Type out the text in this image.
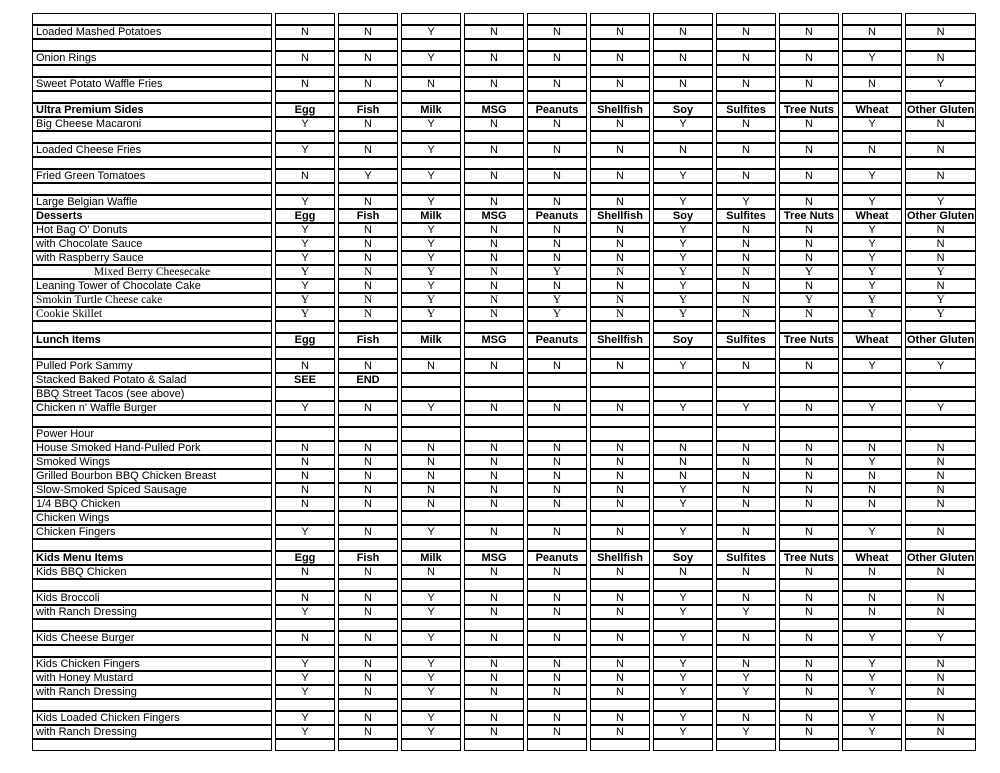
Loaded Mashed Potatoes	N	N	Y	N	N	N	N	N	N	N	N

Onion Rings	N	N	Y	N	N	N	N	N	N	Y	N

Sweet Potato Waffle Fries	N	N	N	N	N	N	N	N	N	N	Y

Ultra Premium Sides	Egg	Fish	Milk	MSG	Peanuts	Shellfish	Soy	Sulfites	Tree Nuts	Wheat	Other Gluten
Big Cheese Macaroni	Y	N	Y	N	N	N	Y	N	N	Y	N

Loaded Cheese Fries	Y	N	Y	N	N	N	N	N	N	N	N

Fried Green Tomatoes	N	Y	Y	N	N	N	Y	N	N	Y	N

Large Belgian Waffle	Y	N	Y	N	N	N	Y	Y	N	Y	Y
Desserts	Egg	Fish	Milk	MSG	Peanuts	Shellfish	Soy	Sulfites	Tree Nuts	Wheat	Other Gluten
Hot Bag O' Donuts	Y	N	Y	N	N	N	Y	N	N	Y	N
with Chocolate Sauce	Y	N	Y	N	N	N	Y	N	N	Y	N
with Raspberry Sauce	Y	N	Y	N	N	N	Y	N	N	Y	N
Mixed Berry Cheesecake	Y	N	Y	N	Y	N	Y	N	Y	Y	Y
Leaning Tower of Chocolate Cake	Y	N	Y	N	N	N	Y	N	N	Y	N
Smokin Turtle Cheese cake	Y	N	Y	N	Y	N	Y	N	Y	Y	Y
Cookie Skillet	Y	N	Y	N	Y	N	Y	N	N	Y	Y

Lunch Items	Egg	Fish	Milk	MSG	Peanuts	Shellfish	Soy	Sulfites	Tree Nuts	Wheat	Other Gluten

Pulled Pork Sammy	N	N	N	N	N	N	Y	N	N	Y	Y
Stacked Baked Potato & Salad	SEE	END									
BBQ Street Tacos (see above)											
Chicken n' Waffle Burger	Y	N	Y	N	N	N	Y	Y	N	Y	Y

Power Hour											
House Smoked Hand-Pulled Pork	N	N	N	N	N	N	N	N	N	N	N
Smoked Wings	N	N	N	N	N	N	N	N	N	Y	N
Grilled Bourbon BBQ Chicken Breast	N	N	N	N	N	N	N	N	N	N	N
Slow-Smoked Spiced Sausage	N	N	N	N	N	N	Y	N	N	N	N
1/4 BBQ Chicken	N	N	N	N	N	N	Y	N	N	N	N
Chicken Wings											
Chicken Fingers	Y	N	Y	N	N	N	Y	N	N	Y	N

Kids Menu Items	Egg	Fish	Milk	MSG	Peanuts	Shellfish	Soy	Sulfites	Tree Nuts	Wheat	Other Gluten
Kids BBQ Chicken	N	N	N	N	N	N	N	N	N	N	N

Kids Broccoli	N	N	Y	N	N	N	Y	N	N	N	N
with Ranch Dressing	Y	N	Y	N	N	N	Y	Y	N	N	N

Kids Cheese Burger	N	N	Y	N	N	N	Y	N	N	Y	Y

Kids Chicken Fingers	Y	N	Y	N	N	N	Y	N	N	Y	N
with Honey Mustard	Y	N	Y	N	N	N	Y	Y	N	Y	N
with Ranch Dressing	Y	N	Y	N	N	N	Y	Y	N	Y	N

Kids Loaded Chicken Fingers	Y	N	Y	N	N	N	Y	N	N	Y	N
with Ranch Dressing	Y	N	Y	N	N	N	Y	Y	N	Y	N
